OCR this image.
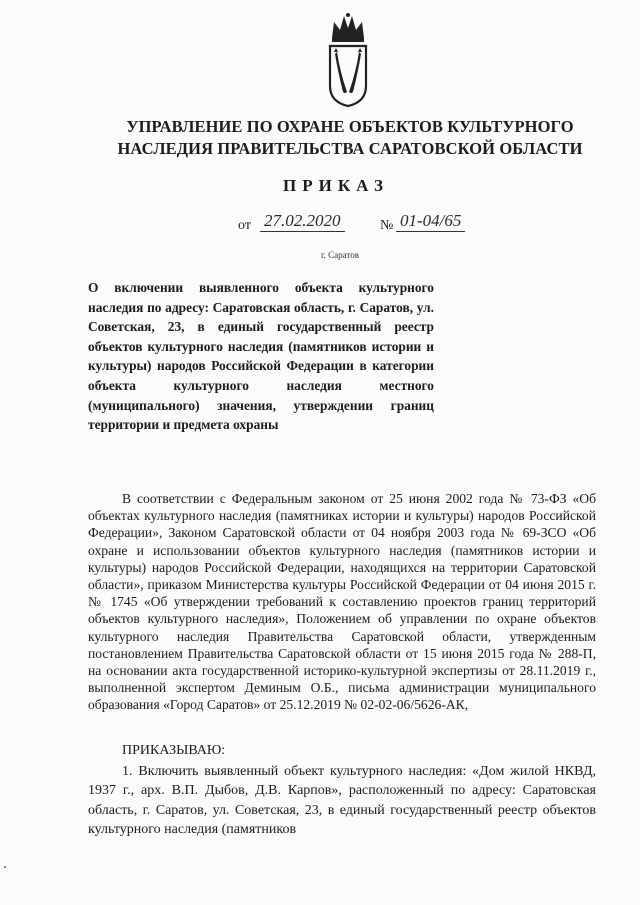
УПРАВЛЕНИЕ ПО ОХРАНЕ ОБЪЕКТОВ КУЛЬТУРНОГО
НАСЛЕДИЯ ПРАВИТЕЛЬСТВА САРАТОВСКОЙ ОБЛАСТИ
ПРИКАЗ
от 27.02.2020	№ 01-04/65
г. Саратов
О включении выявленного объекта культурного наследия по адресу: Саратовская область, г. Саратов, ул. Советская, 23, в единый государственный реестр объектов культурного наследия (памятников истории и культуры) народов Российской Федерации в категории объекта культурного наследия местного (муниципального) значения, утверждении границ территории и предмета охраны

В соответствии с Федеральным законом от 25 июня 2002 года № 73-ФЗ «Об объектах культурного наследия (памятниках истории и культуры) народов Российской Федерации», Законом Саратовской области от 04 ноября 2003 года № 69-ЗСО «Об охране и использовании объектов культурного наследия (памятников истории и культуры) народов Российской Федерации, находящихся на территории Саратовской области», приказом Министерства культуры Российской Федерации от 04 июня 2015 г. № 1745 «Об утверждении требований к составлению проектов границ территорий объектов культурного наследия», Положением об управлении по охране объектов культурного наследия Правительства Саратовской области, утвержденным постановлением Правительства Саратовской области от 15 июня 2015 года № 288-П, на основании акта государственной историко-культурной экспертизы от 28.11.2019 г., выполненной экспертом Деминым О.Б., письма администрации муниципального образования «Город Саратов» от 25.12.2019 № 02-02-06/5626-АК,

ПРИКАЗЫВАЮ:

1. Включить выявленный объект культурного наследия: «Дом жилой НКВД, 1937 г., арх. В.П. Дыбов, Д.В. Карпов», расположенный по адресу: Саратовская область, г. Саратов, ул. Советская, 23, в единый государственный реестр объектов культурного наследия (памятников
